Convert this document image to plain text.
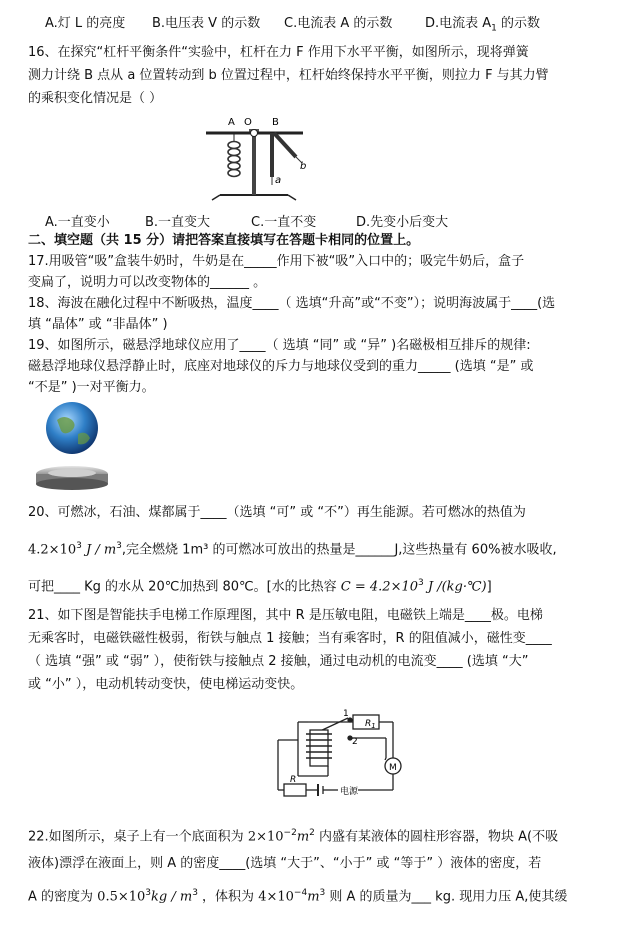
A.灯 L 的亮度 B.电压表 V 的示数 C.电流表 A 的示数	D.电流表 $A_1$ 的示数
16、在探究“杠杆平衡条件“实验中，杠杆在力 F 作用下水平平衡，如图所示，现将弹簧
测力计绕 B 点从 a 位置转动到 b 位置过程中，杠杆始终保持水平平衡，则拉力 F 与其力臂
的乘积变化情况是（ ）
A O B
b
a
A.一直变小	B.一直变大	C.一直不变	D.先变小后变大
二、填空题（共 15 分）请把答案直接填写在答题卡相同的位置上。
17.用吸管“吸”盒装牛奶时，牛奶是在_____作用下被“吸”入口中的；吸完牛奶后，盒子
变扁了，说明力可以改变物体的______ 。
18、海波在融化过程中不断吸热，温度____（ 选填“升高”或“不变”）；说明海波属于____(选
填 “晶体” 或 “非晶体” )
19、如图所示，磁悬浮地球仪应用了____（ 选填 “同” 或 “异” )名磁极相互排斥的规律:
磁悬浮地球仪悬浮静止时，底座对地球仪的斥力与地球仪受到的重力_____ (选填 “是” 或
“不是” )一对平衡力。
20、可燃冰，石油、煤都属于____（选填 “可” 或 “不”）再生能源。若可燃冰的热值为
$4.2\times 10^3$ J / $m^3$,完全燃烧 1m³ 的可燃冰可放出的热量是______J,这些热量有 60%被水吸收,
可把____ Kg 的水从 20℃加热到 80℃。[水的比热容 $C = 4.2\times 10^3$ J /(kg·℃)]
21、如下图是智能扶手电梯工作原理图，其中 R 是压敏电阻，电磁铁上端是____极。电梯
无乘客时，电磁铁磁性极弱，衔铁与触点 1 接触；当有乘客时，R 的阻值减小，磁性变____
（ 选填 “强” 或 “弱” ），使衔铁与接触点 2 接触，通过电动机的电流变____ (选填 “大”
或 “小” ），电动机转动变快，使电梯运动变快。
$R_1$
1
2
M
R
电源
22.如图所示，桌子上有一个底面积为 $2\times 10^{-2}m^2$ 内盛有某液体的圆柱形容器，物块 A(不吸
液体)漂浮在液面上，则 A 的密度____(选填 “大于”、“小于” 或 “等于” ）液体的密度，若
A 的密度为 $0.5\times 10^3kg / m^3$ ，体积为 $4\times 10^{-4}m^3$ 则 A 的质量为___ kg. 现用力压 A,使其缓
